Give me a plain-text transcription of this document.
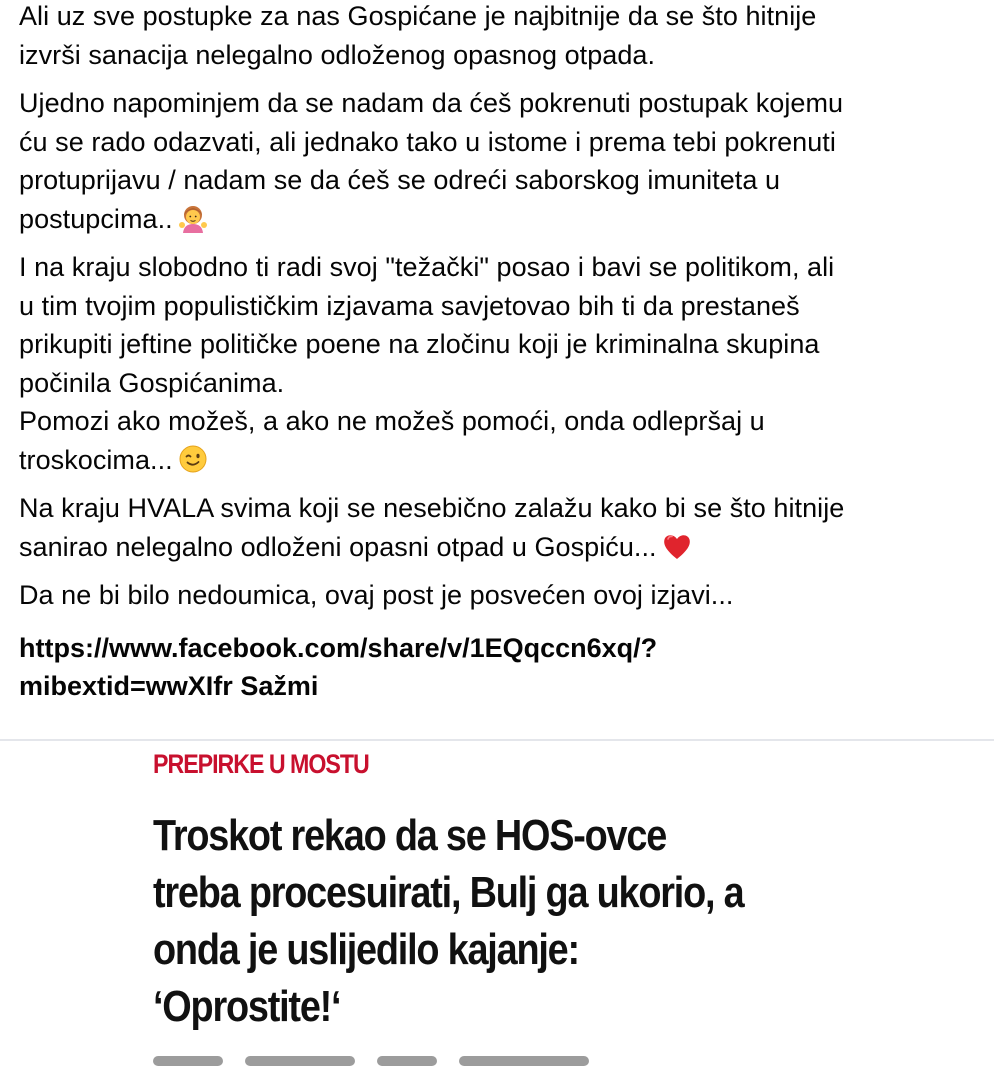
Ali uz sve postupke za nas Gospićane je najbitnije da se što hitnije
izvrši sanacija nelegalno odloženog opasnog otpada.
Ujedno napominjem da se nadam da ćeš pokrenuti postupak kojemu
ću se rado odazvati, ali jednako tako u istome i prema tebi pokrenuti
protuprijavu / nadam se da ćeš se odreći saborskog imuniteta u
postupcima..
I na kraju slobodno ti radi svoj "težački" posao i bavi se politikom, ali
u tim tvojim populističkim izjavama savjetovao bih ti da prestaneš
prikupiti jeftine političke poene na zločinu koji je kriminalna skupina
počinila Gospićanima.
Pomozi ako možeš, a ako ne možeš pomoći, onda odlepršaj u
troskocima...
Na kraju HVALA svima koji se nesebično zalažu kako bi se što hitnije
sanirao nelegalno odloženi opasni otpad u Gospiću...
Da ne bi bilo nedoumica, ovaj post je posvećen ovoj izjavi...
https://www.facebook.com/share/v/1EQqccn6xq/?
mibextid=wwXIfr Sažmi
PREPIRKE U MOSTU
Troskot rekao da se HOS-ovce
treba procesuirati, Bulj ga ukorio, a
onda je uslijedilo kajanje:
‘Oprostite!‘
